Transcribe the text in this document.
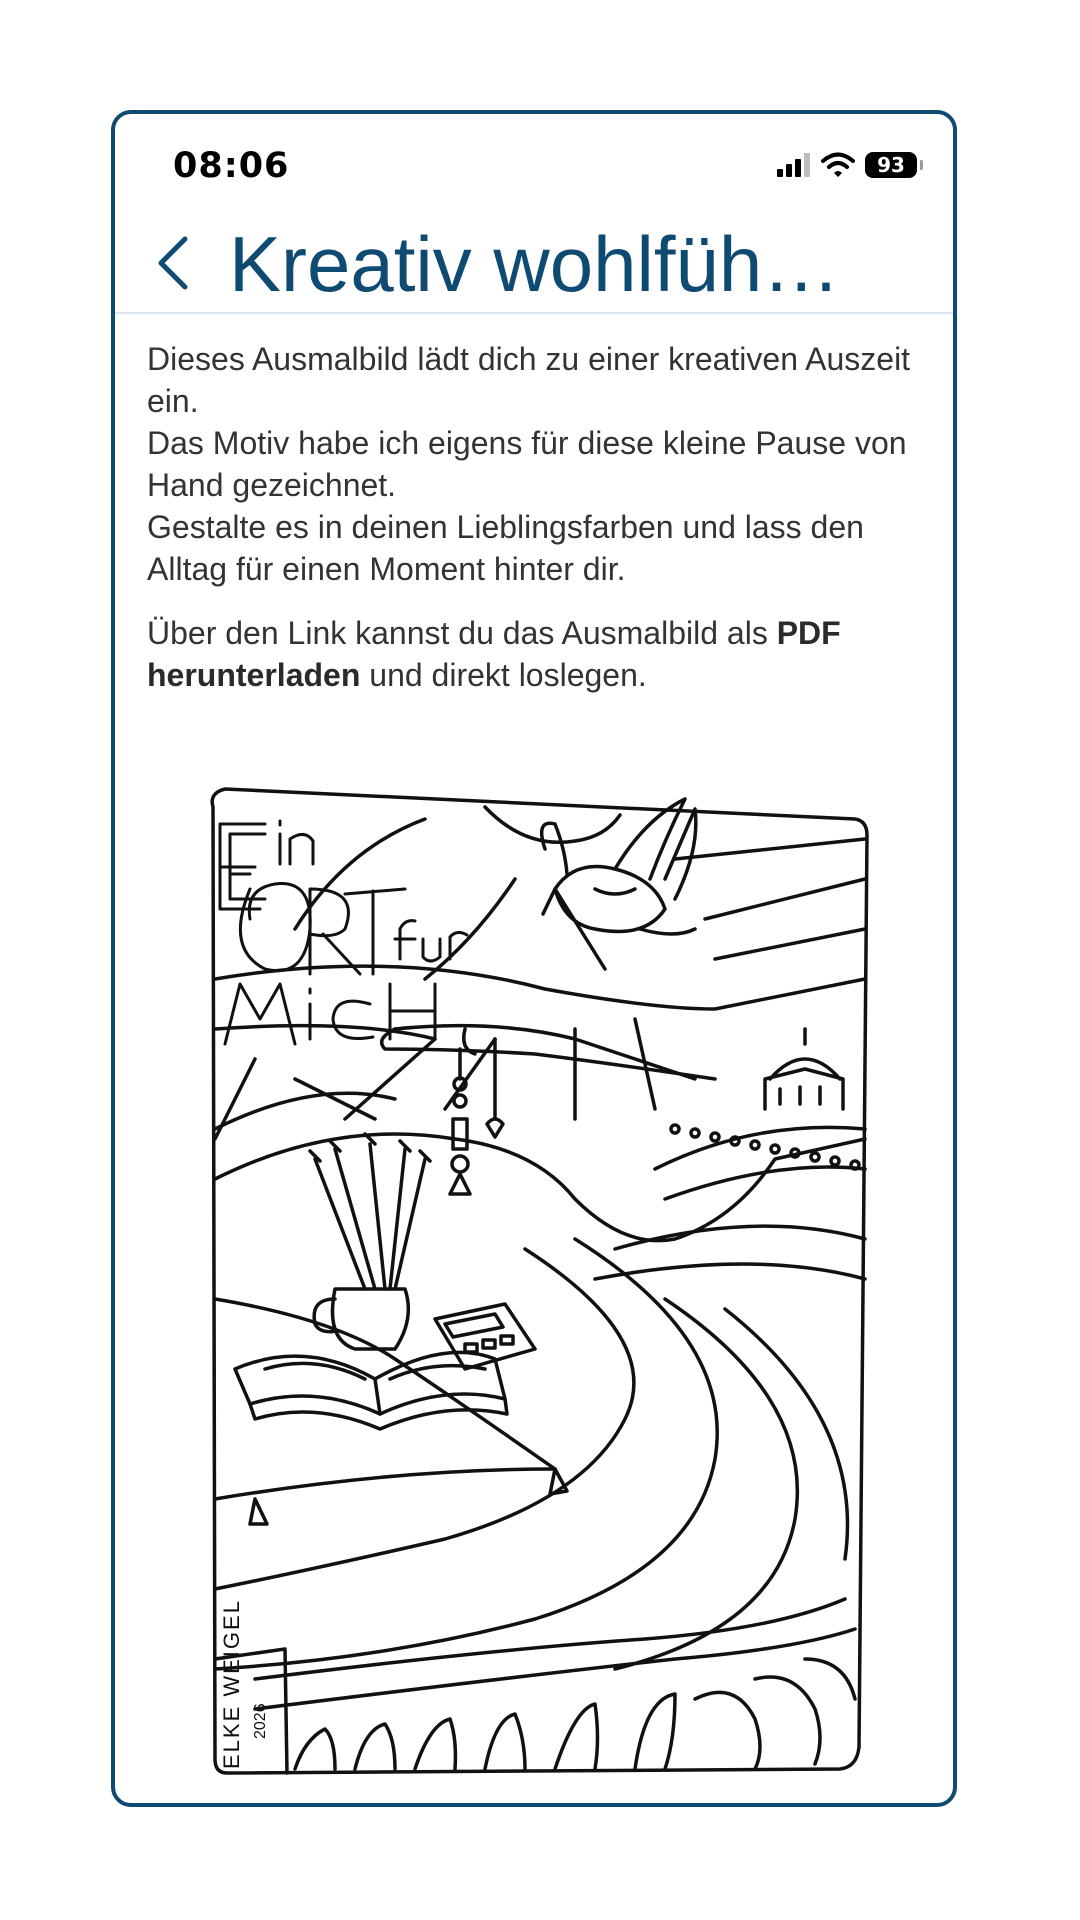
08:06	93
Kreativ wohlfüh…

Dieses Ausmalbild lädt dich zu einer kreativen Auszeit ein.
Das Motiv habe ich eigens für diese kleine Pause von Hand gezeichnet.
Gestalte es in deinen Lieblingsfarben und lass den Alltag für einen Moment hinter dir.

Über den Link kannst du das Ausmalbild als PDF herunterladen und direkt loslegen.

ELKE WEIGEL 2026
